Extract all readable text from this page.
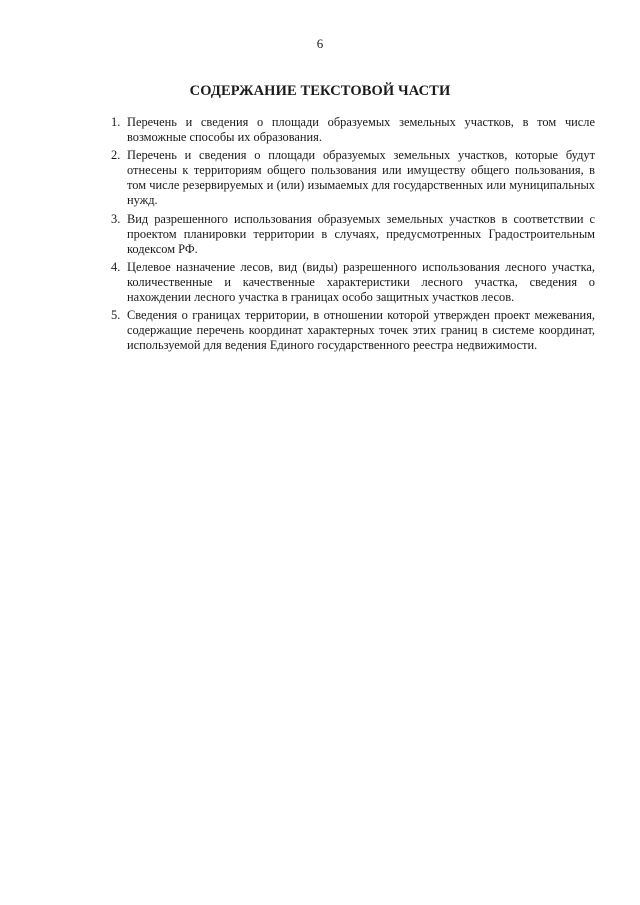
6
СОДЕРЖАНИЕ ТЕКСТОВОЙ ЧАСТИ
1. Перечень и сведения о площади образуемых земельных участков, в том числе возможные способы их образования.
2. Перечень и сведения о площади образуемых земельных участков, которые будут отнесены к территориям общего пользования или имуществу общего пользования, в том числе резервируемых и (или) изымаемых для государственных или муниципальных нужд.
3. Вид разрешенного использования образуемых земельных участков в соответствии с проектом планировки территории в случаях, предусмотренных Градостроительным кодексом РФ.
4. Целевое назначение лесов, вид (виды) разрешенного использования лесного участка, количественные и качественные характеристики лесного участка, сведения о нахождении лесного участка в границах особо защитных участков лесов.
5. Сведения о границах территории, в отношении которой утвержден проект межевания, содержащие перечень координат характерных точек этих границ в системе координат, используемой для ведения Единого государственного реестра недвижимости.
